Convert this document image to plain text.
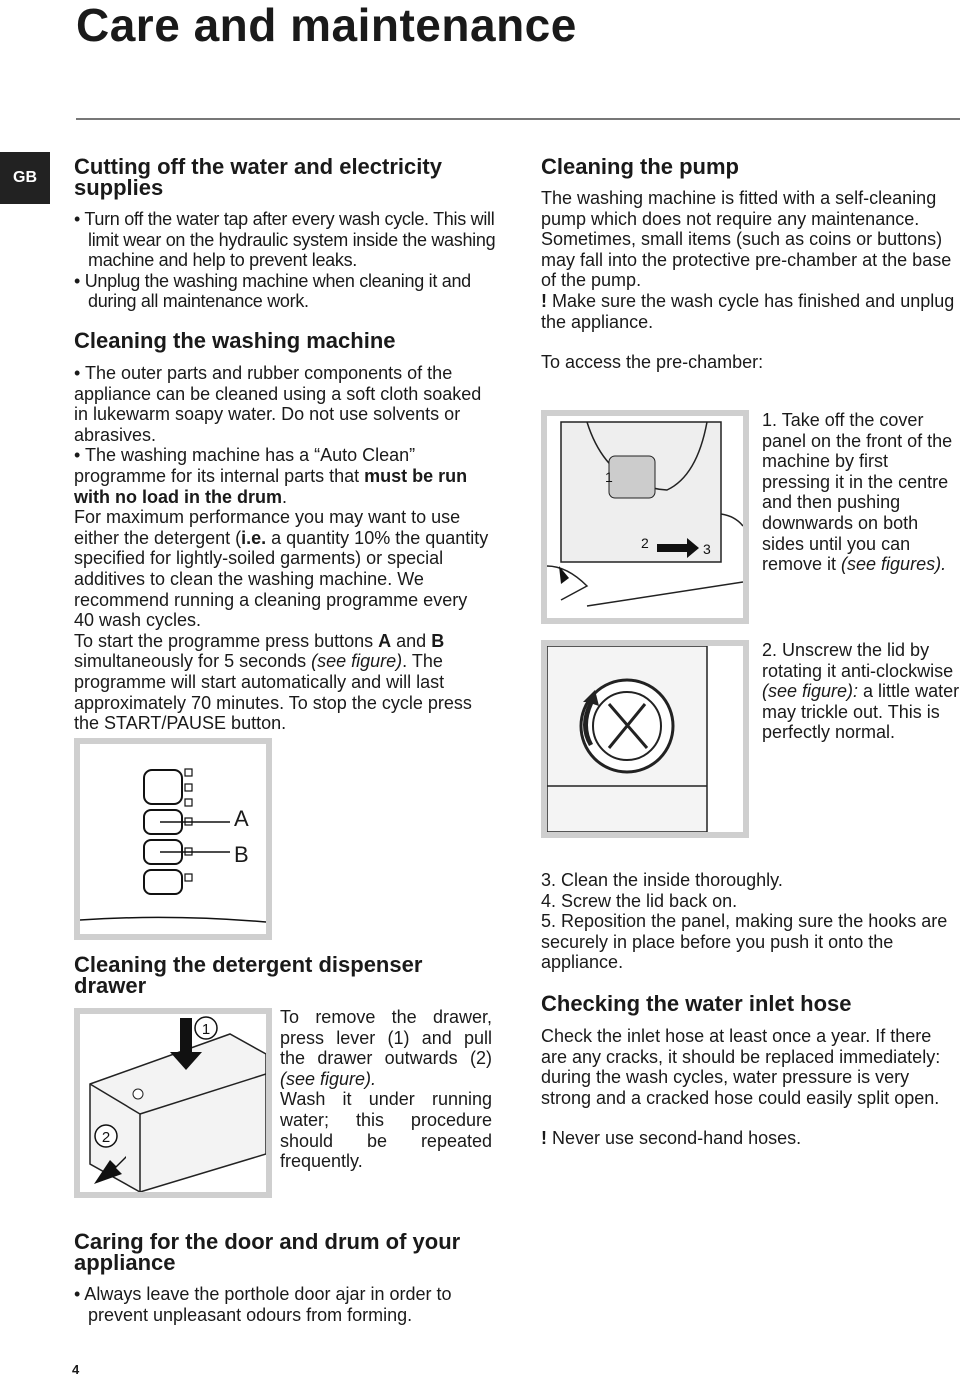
Care and maintenance
GB	Cutting off the water and electricity supplies

• Turn off the water tap after every wash cycle. This will limit wear on the hydraulic system inside the washing machine and help to prevent leaks.

• Unplug the washing machine when cleaning it and during all maintenance work.

Cleaning the washing machine

• The outer parts and rubber components of the appliance can be cleaned using a soft cloth soaked in lukewarm soapy water. Do not use solvents or abrasives.

• The washing machine has a “Auto Clean” programme for its internal parts that must be run with no load in the drum.

For maximum performance you may want to use either the detergent (i.e. a quantity 10% the quantity specified for lightly-soiled garments) or special additives to clean the washing machine. We recommend running a cleaning programme every 40 wash cycles.

To start the programme press buttons A and B simultaneously for 5 seconds (see figure). The programme will start automatically and will last approximately 70 minutes. To stop the cycle press the START/PAUSE button.

A
B
Cleaning the detergent dispenser drawer
1
2

To remove the drawer, press lever (1) and pull the drawer outwards (2) (see figure).

Wash it under running water; this procedure should be repeated frequently.

Caring for the door and drum of your appliance

• Always leave the porthole door ajar in order to prevent unpleasant odours from forming.

Cleaning the pump

The washing machine is fitted with a self-cleaning pump which does not require any maintenance. Sometimes, small items (such as coins or buttons) may fall into the protective pre-chamber at the base of the pump.

! Make sure the wash cycle has finished and unplug the appliance.

To access the pre-chamber:

1
2	3

1. Take off the cover panel on the front of the machine by first pressing it in the centre and then pushing downwards on both sides until you can remove it (see figures).

2. Unscrew the lid by rotating it anti-clockwise (see figure): a little water may trickle out. This is perfectly normal.

3. Clean the inside thoroughly.

4. Screw the lid back on.

5. Reposition the panel, making sure the hooks are securely in place before you push it onto the appliance.

Checking the water inlet hose

Check the inlet hose at least once a year. If there are any cracks, it should be replaced immediately: during the wash cycles, water pressure is very strong and a cracked hose could easily split open.

! Never use second-hand hoses.

4
